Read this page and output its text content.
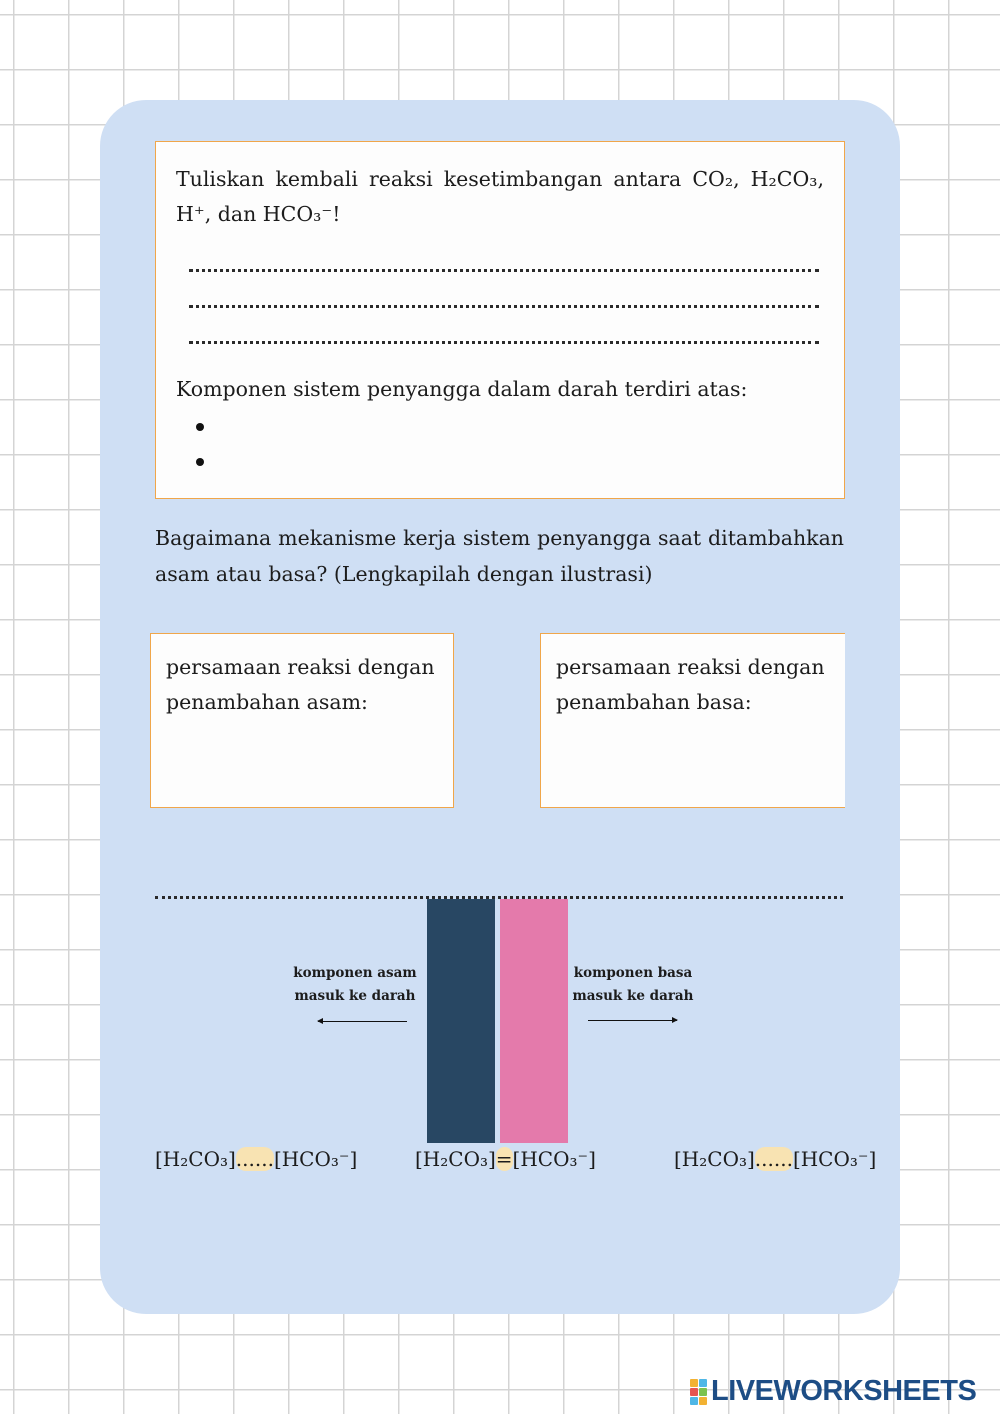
Tuliskan kembali reaksi kesetimbangan antara CO₂, H₂CO₃, H⁺, dan HCO₃⁻!
Komponen sistem penyangga dalam darah terdiri atas:
Bagaimana mekanisme kerja sistem penyangga saat ditambahkan asam atau basa? (Lengkapilah dengan ilustrasi)
persamaan reaksi dengan penambahan asam:
persamaan reaksi dengan penambahan basa:
komponen asam
masuk ke darah
komponen basa
masuk ke darah
[H₂CO₃]......[HCO₃⁻]	[H₂CO₃]=[HCO₃⁻]	[H₂CO₃]......[HCO₃⁻]
LIVEWORKSHEETS
